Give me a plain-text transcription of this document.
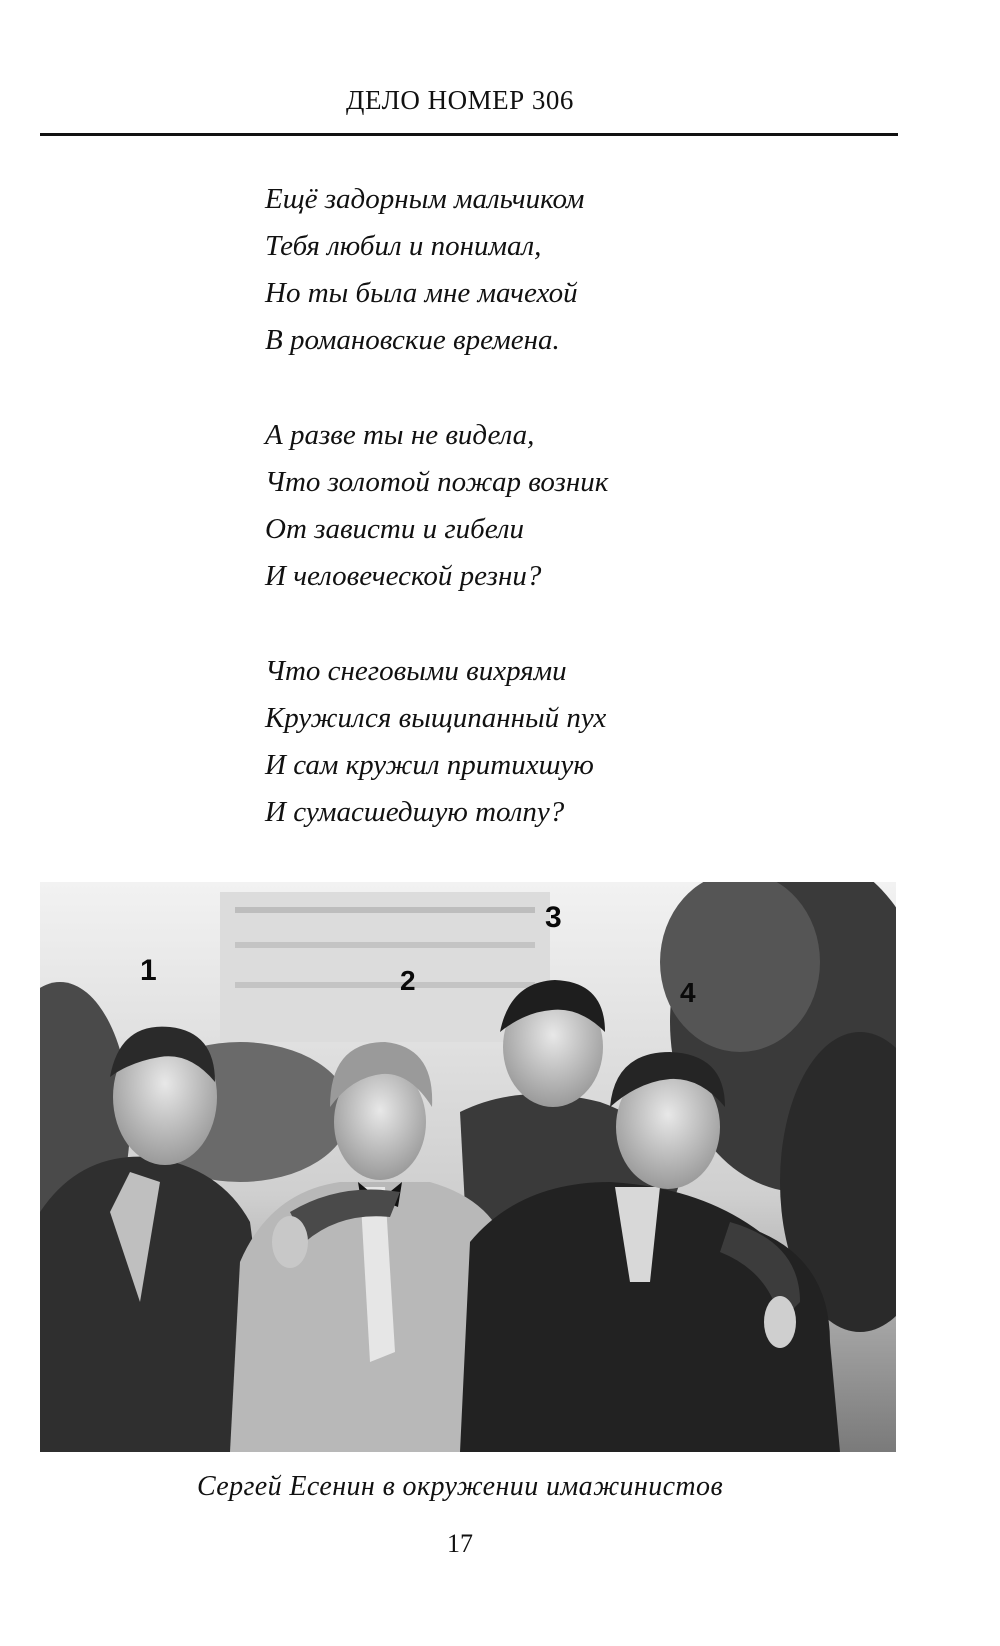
ДЕЛО НОМЕР 306
Ещё задорным мальчиком
Тебя любил и понимал,
Но ты была мне мачехой
В романовские времена.
А разве ты не видела,
Что золотой пожар возник
От зависти и гибели
И человеческой резни?
Что снеговыми вихрями
Кружился выщипанный пух
И сам кружил притихшую
И сумасшедшую толпу?
1	2
3
4
Сергей Есенин в окружении имажинистов
17
